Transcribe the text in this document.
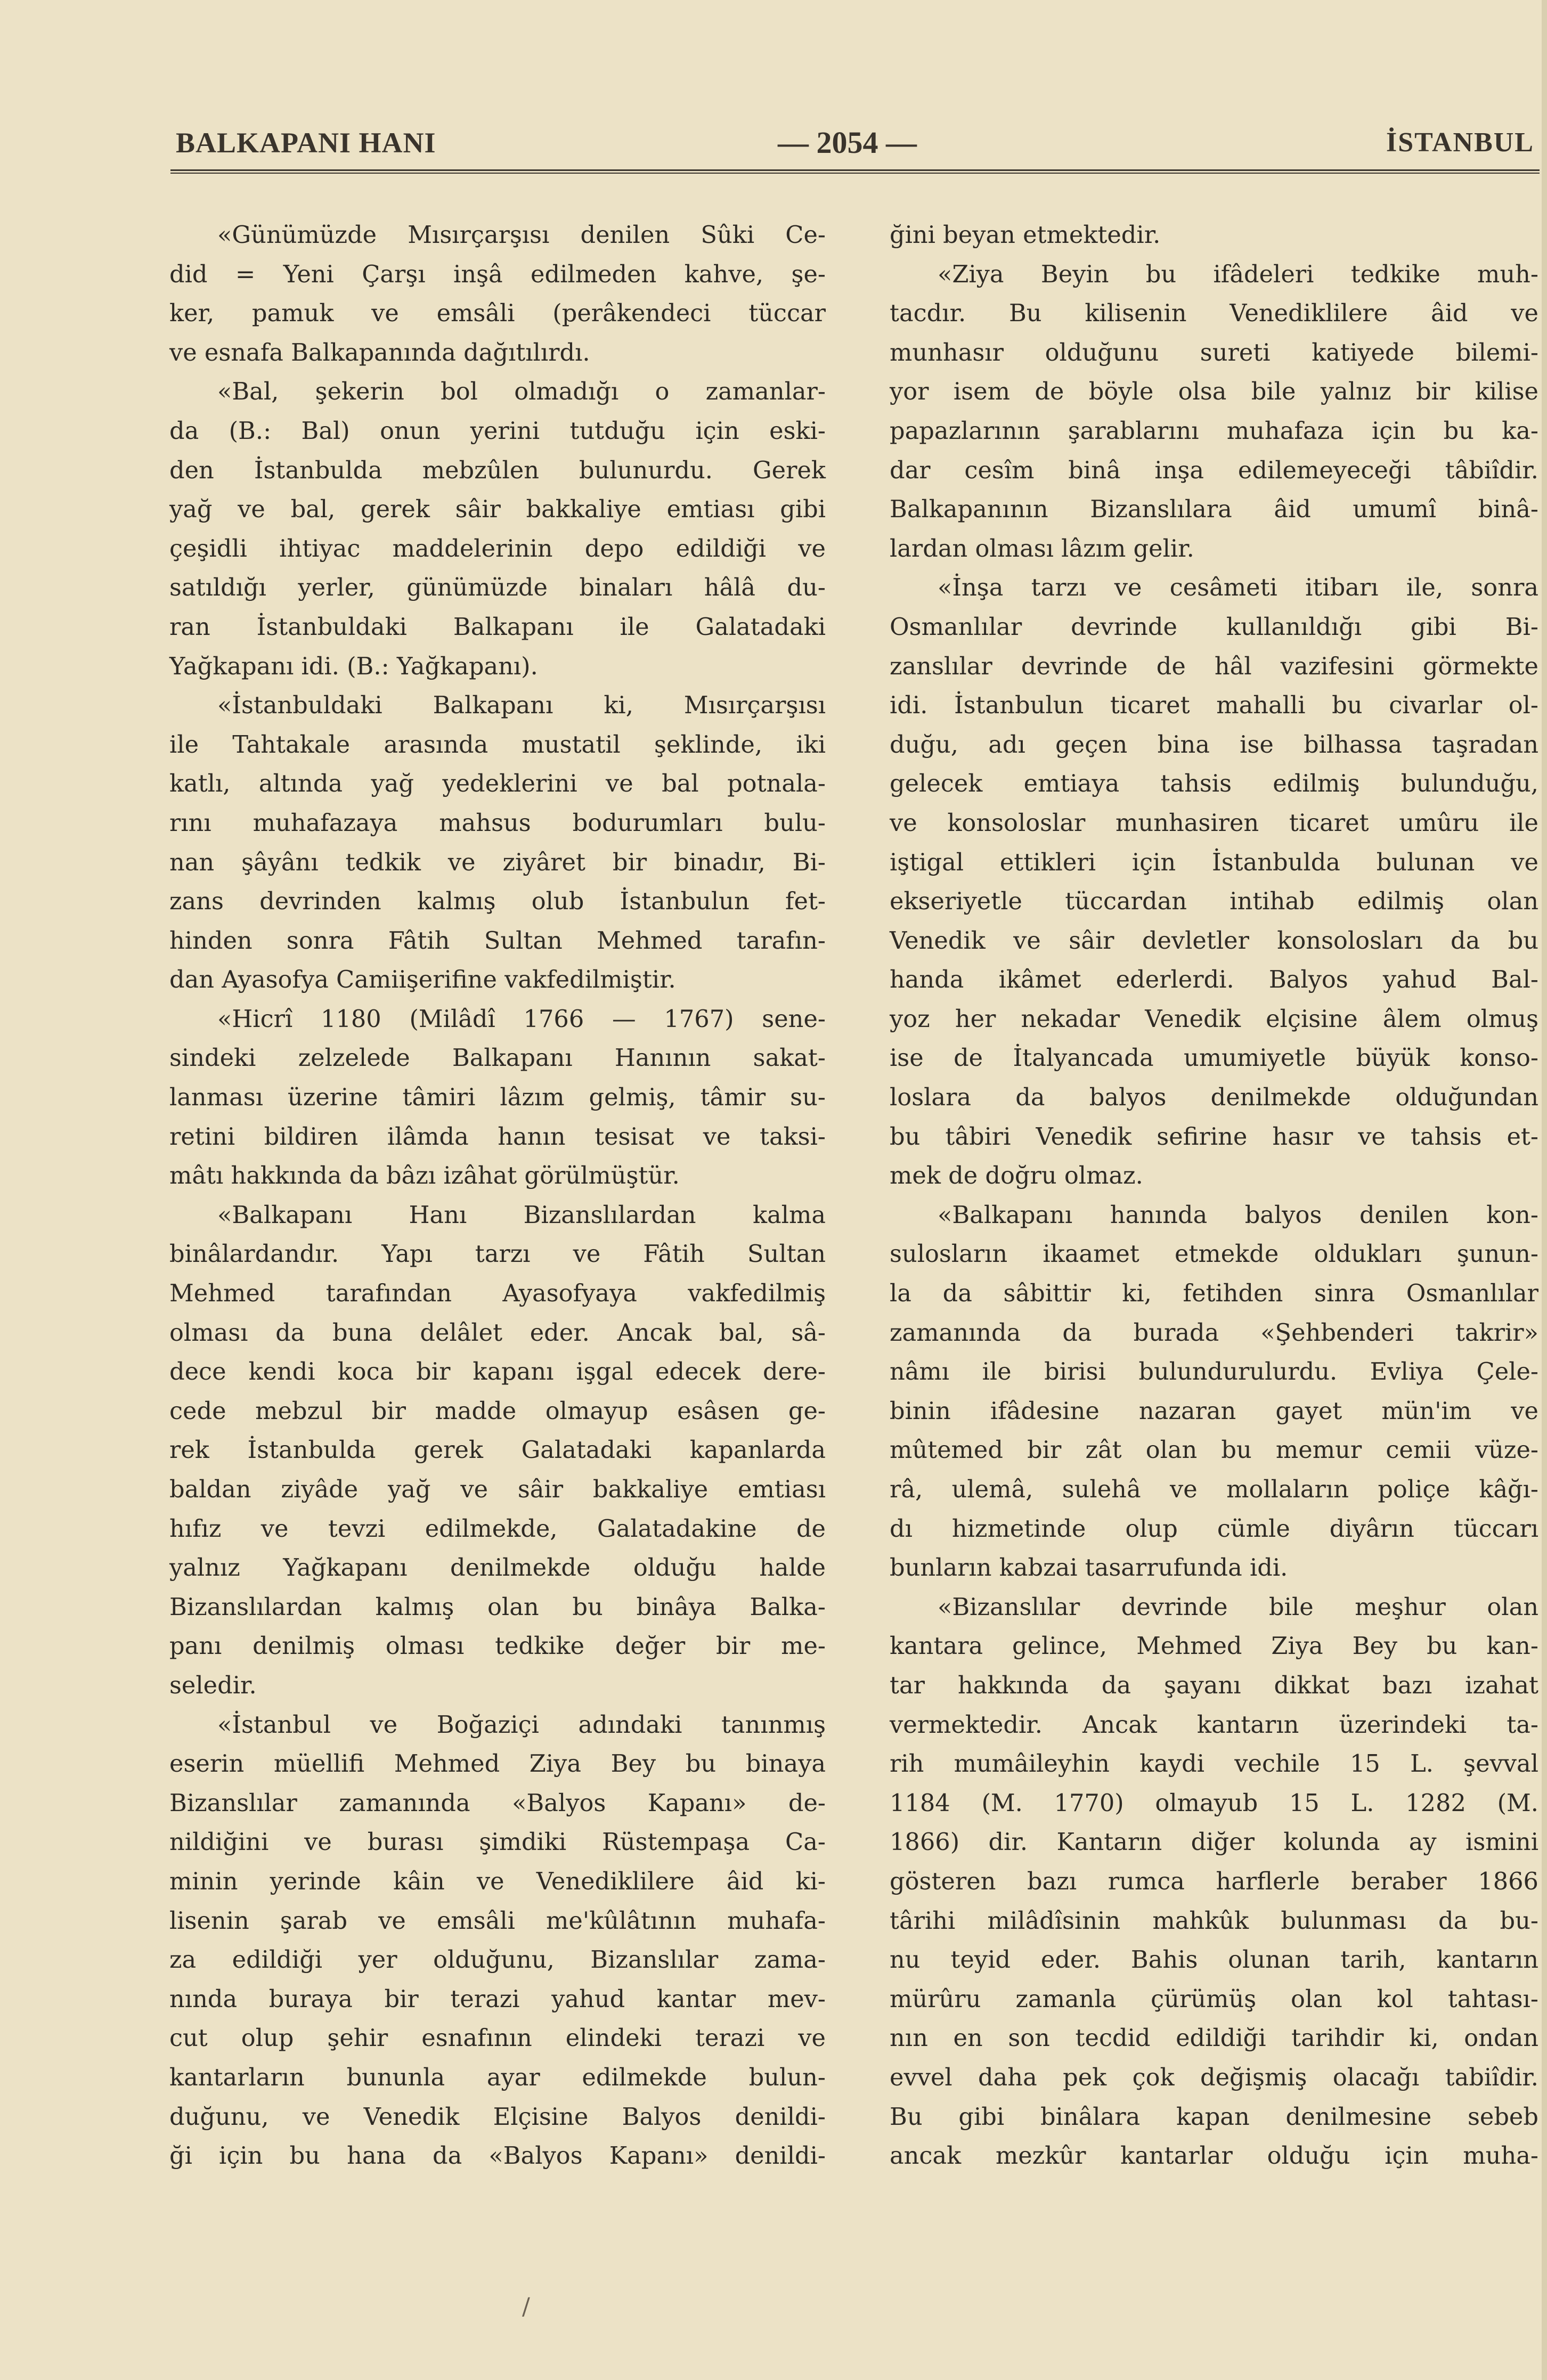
BALKAPANI HANI	— 2054 —	İSTANBUL
«Günümüzde Mısırçarşısı denilen Sûki Ce-
did = Yeni Çarşı inşâ edilmeden kahve, şe-
ker, pamuk ve emsâli (perâkendeci tüccar
ve esnafa Balkapanında dağıtılırdı.
«Bal, şekerin bol olmadığı o zamanlar-
da (B.: Bal) onun yerini tutduğu için eski-
den İstanbulda mebzûlen bulunurdu. Gerek
yağ ve bal, gerek sâir bakkaliye emtiası gibi
çeşidli ihtiyac maddelerinin depo edildiği ve
satıldığı yerler, günümüzde binaları hâlâ du-
ran İstanbuldaki Balkapanı ile Galatadaki
Yağkapanı idi. (B.: Yağkapanı).
«İstanbuldaki Balkapanı ki, Mısırçarşısı
ile Tahtakale arasında mustatil şeklinde, iki
katlı, altında yağ yedeklerini ve bal potnala-
rını muhafazaya mahsus bodurumları bulu-
nan şâyânı tedkik ve ziyâret bir binadır, Bi-
zans devrinden kalmış olub İstanbulun fet-
hinden sonra Fâtih Sultan Mehmed tarafın-
dan Ayasofya Camiişerifine vakfedilmiştir.
«Hicrî 1180 (Milâdî 1766 — 1767) sene-
sindeki zelzelede Balkapanı Hanının sakat-
lanması üzerine tâmiri lâzım gelmiş, tâmir su-
retini bildiren ilâmda hanın tesisat ve taksi-
mâtı hakkında da bâzı izâhat görülmüştür.
«Balkapanı Hanı Bizanslılardan kalma
binâlardandır. Yapı tarzı ve Fâtih Sultan
Mehmed tarafından Ayasofyaya vakfedilmiş
olması da buna delâlet eder. Ancak bal, sâ-
dece kendi koca bir kapanı işgal edecek dere-
cede mebzul bir madde olmayup esâsen ge-
rek İstanbulda gerek Galatadaki kapanlarda
baldan ziyâde yağ ve sâir bakkaliye emtiası
hıfız ve tevzi edilmekde, Galatadakine de
yalnız Yağkapanı denilmekde olduğu halde
Bizanslılardan kalmış olan bu binâya Balka-
panı denilmiş olması tedkike değer bir me-
seledir.
«İstanbul ve Boğaziçi adındaki tanınmış
eserin müellifi Mehmed Ziya Bey bu binaya
Bizanslılar zamanında «Balyos Kapanı» de-
nildiğini ve burası şimdiki Rüstempaşa Ca-
minin yerinde kâin ve Venediklilere âid ki-
lisenin şarab ve emsâli me'kûlâtının muhafa-
za edildiği yer olduğunu, Bizanslılar zama-
nında buraya bir terazi yahud kantar mev-
cut olup şehir esnafının elindeki terazi ve
kantarların bununla ayar edilmekde bulun-
duğunu, ve Venedik Elçisine Balyos denildi-
ği için bu hana da «Balyos Kapanı» denildi-
ğini beyan etmektedir.
«Ziya Beyin bu ifâdeleri tedkike muh-
tacdır. Bu kilisenin Venediklilere âid ve
munhasır olduğunu sureti katiyede bilemi-
yor isem de böyle olsa bile yalnız bir kilise
papazlarının şarablarını muhafaza için bu ka-
dar cesîm binâ inşa edilemeyeceği tâbiîdir.
Balkapanının Bizanslılara âid umumî binâ-
lardan olması lâzım gelir.
«İnşa tarzı ve cesâmeti itibarı ile, sonra
Osmanlılar devrinde kullanıldığı gibi Bi-
zanslılar devrinde de hâl vazifesini görmekte
idi. İstanbulun ticaret mahalli bu civarlar ol-
duğu, adı geçen bina ise bilhassa taşradan
gelecek emtiaya tahsis edilmiş bulunduğu,
ve konsoloslar munhasiren ticaret umûru ile
iştigal ettikleri için İstanbulda bulunan ve
ekseriyetle tüccardan intihab edilmiş olan
Venedik ve sâir devletler konsolosları da bu
handa ikâmet ederlerdi. Balyos yahud Bal-
yoz her nekadar Venedik elçisine âlem olmuş
ise de İtalyancada umumiyetle büyük konso-
loslara da balyos denilmekde olduğundan
bu tâbiri Venedik sefirine hasır ve tahsis et-
mek de doğru olmaz.
«Balkapanı hanında balyos denilen kon-
sulosların ikaamet etmekde oldukları şunun-
la da sâbittir ki, fetihden sinra Osmanlılar
zamanında da burada «Şehbenderi takrir»
nâmı ile birisi bulundurulurdu. Evliya Çele-
binin ifâdesine nazaran gayet mün'im ve
mûtemed bir zât olan bu memur cemii vüze-
râ, ulemâ, sulehâ ve mollaların poliçe kâğı-
dı hizmetinde olup cümle diyârın tüccarı
bunların kabzai tasarrufunda idi.
«Bizanslılar devrinde bile meşhur olan
kantara gelince, Mehmed Ziya Bey bu kan-
tar hakkında da şayanı dikkat bazı izahat
vermektedir. Ancak kantarın üzerindeki ta-
rih mumâileyhin kaydi vechile 15 L. şevval
1184 (M. 1770) olmayub 15 L. 1282 (M.
1866) dir. Kantarın diğer kolunda ay ismini
gösteren bazı rumca harflerle beraber 1866
târihi milâdîsinin mahkûk bulunması da bu-
nu teyid eder. Bahis olunan tarih, kantarın
mürûru zamanla çürümüş olan kol tahtası-
nın en son tecdid edildiği tarihdir ki, ondan
evvel daha pek çok değişmiş olacağı tabiîdir.
Bu gibi binâlara kapan denilmesine sebeb
ancak mezkûr kantarlar olduğu için muha-
/
